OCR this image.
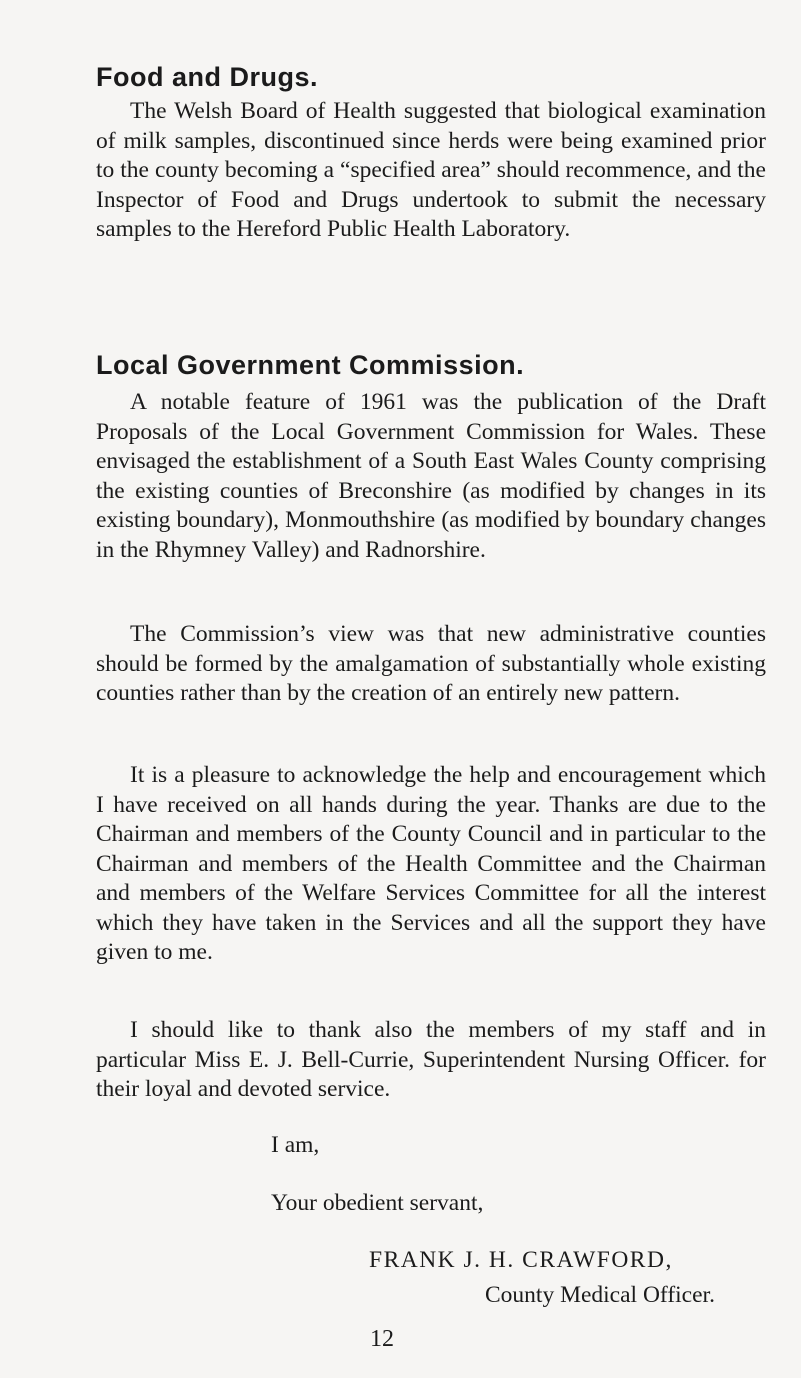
Food and Drugs.

The Welsh Board of Health suggested that biological examination of milk samples, discontinued since herds were being examined prior to the county becoming a “specified area” should recommence, and the Inspector of Food and Drugs undertook to submit the necessary samples to the Hereford Public Health Laboratory.

Local Government Commission.

A notable feature of 1961 was the publication of the Draft Proposals of the Local Government Commission for Wales. These envisaged the establishment of a South East Wales County comprising the existing counties of Breconshire (as modified by changes in its existing boundary), Monmouthshire (as modified by boundary changes in the Rhymney Valley) and Radnorshire.

The Commission’s view was that new administrative counties should be formed by the amalgamation of substantially whole existing counties rather than by the creation of an entirely new pattern.

It is a pleasure to acknowledge the help and encouragement which I have received on all hands during the year. Thanks are due to the Chairman and members of the County Council and in particular to the Chairman and members of the Health Committee and the Chairman and members of the Welfare Services Committee for all the interest which they have taken in the Services and all the support they have given to me.

I should like to thank also the members of my staff and in particular Miss E. J. Bell-Currie, Superintendent Nursing Officer. for their loyal and devoted service.

I am,

Your obedient servant,

FRANK J. H. CRAWFORD,

County Medical Officer.

12
